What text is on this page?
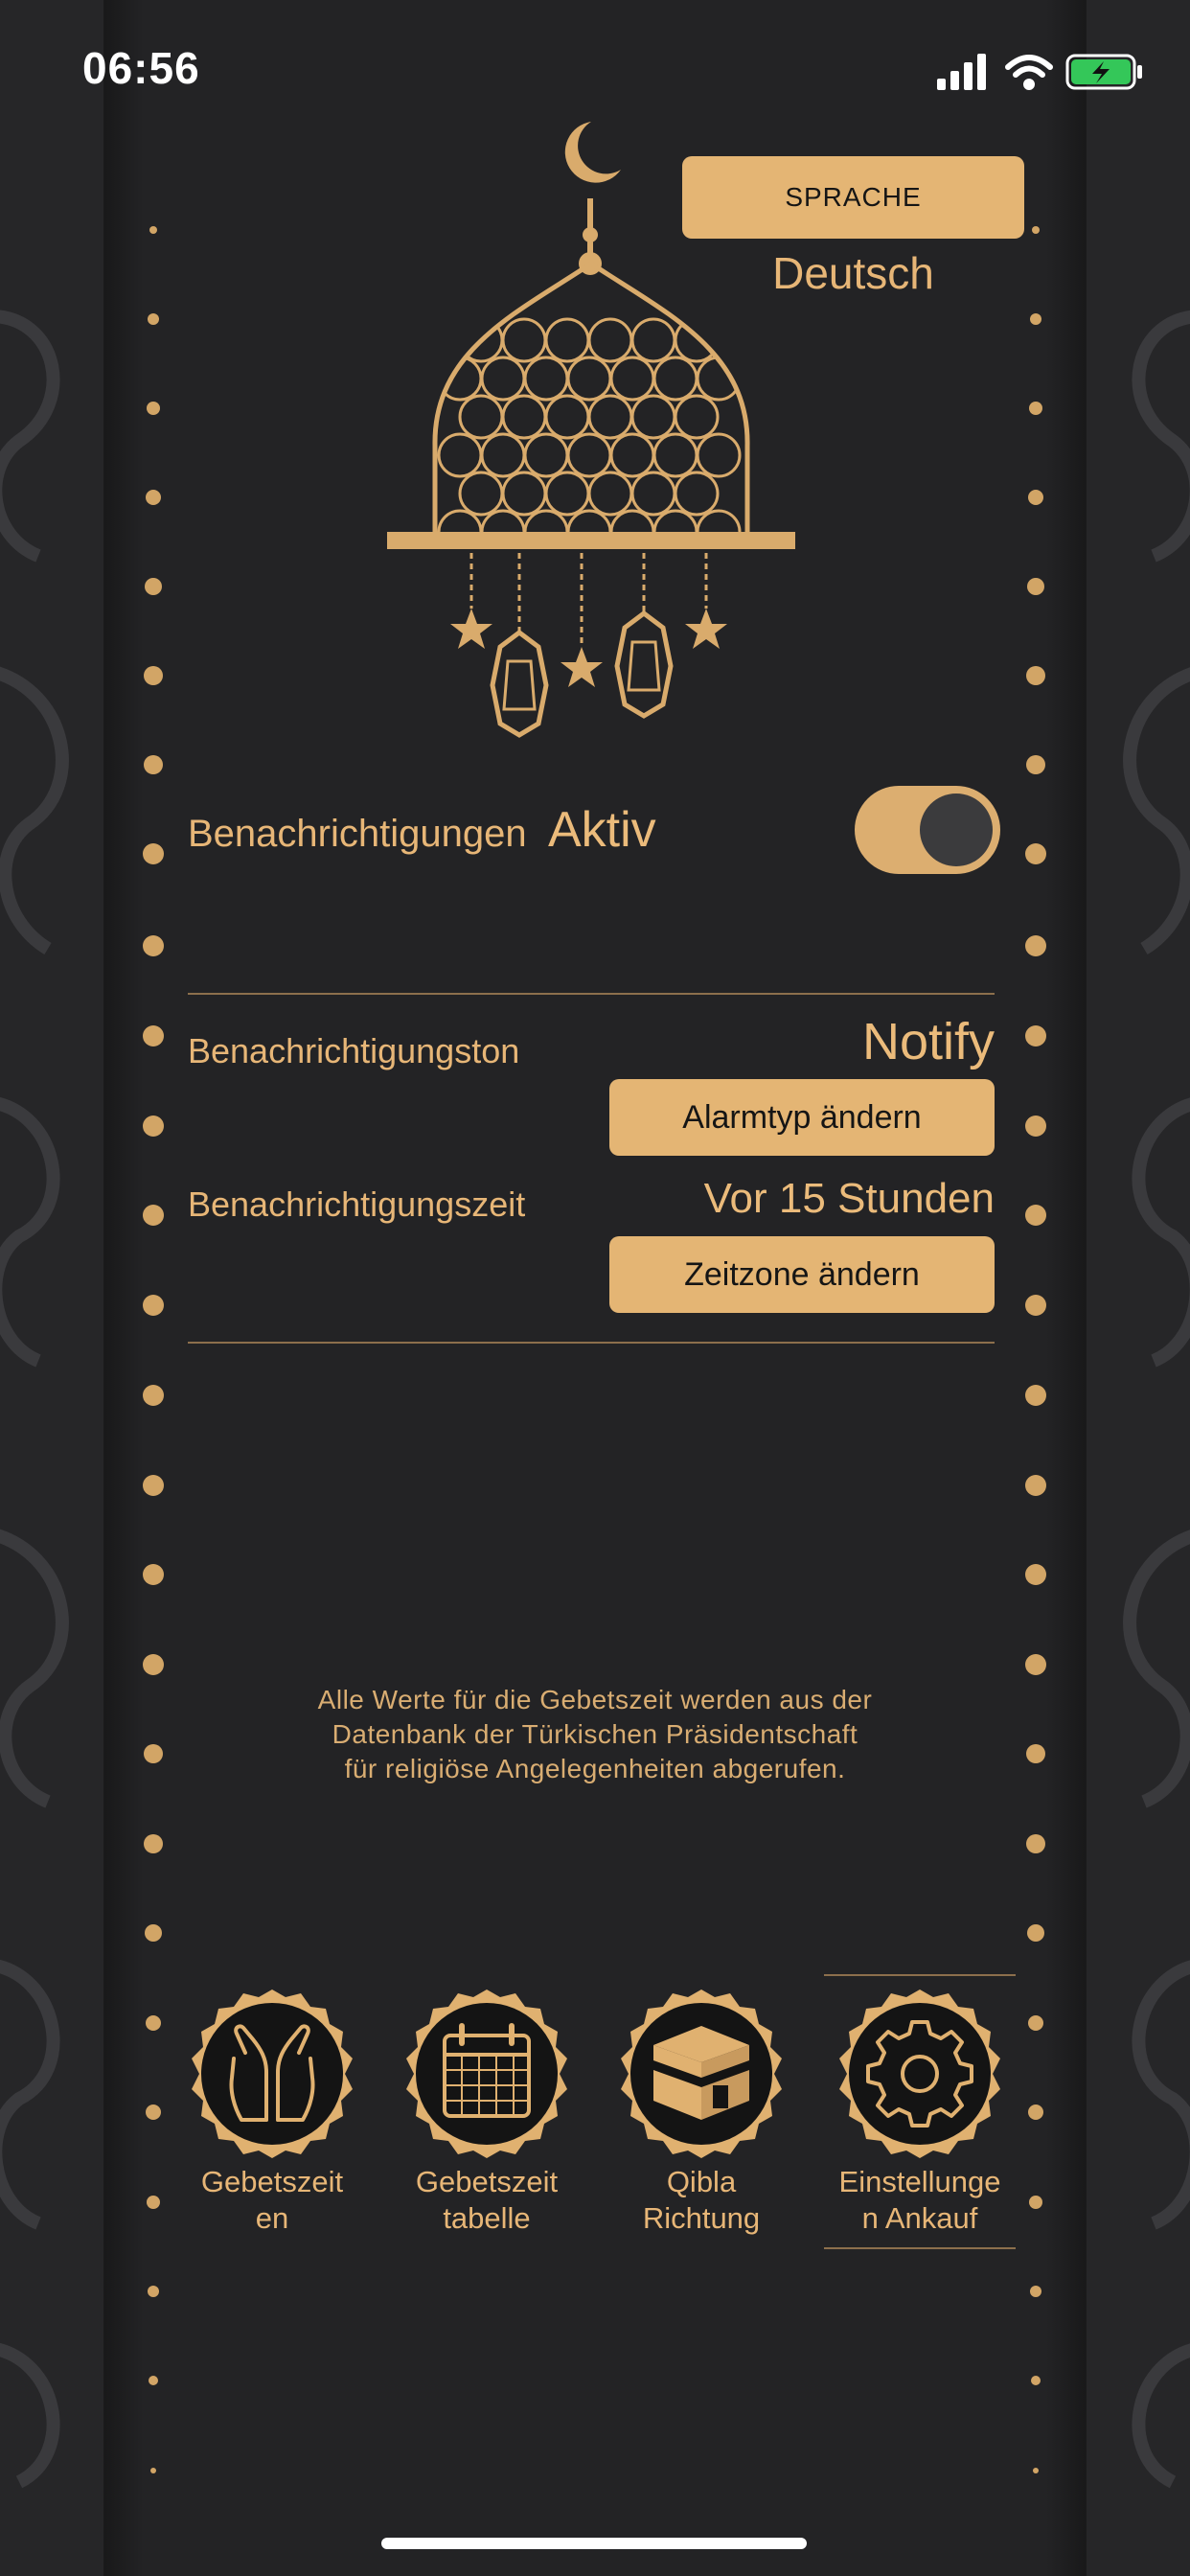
06:56
SPRACHE
Deutsch
Benachrichtigungen Aktiv
Benachrichtigungston	Notify
Alarmtyp ändern
Benachrichtigungszeit	Vor 15 Stunden
Zeitzone ändern
Alle Werte für die Gebetszeit werden aus der
Datenbank der Türkischen Präsidentschaft
für religiöse Angelegenheiten abgerufen.
Gebetszeit
en
Gebetszeit
tabelle
Qibla
Richtung
Einstellunge
n Ankauf
